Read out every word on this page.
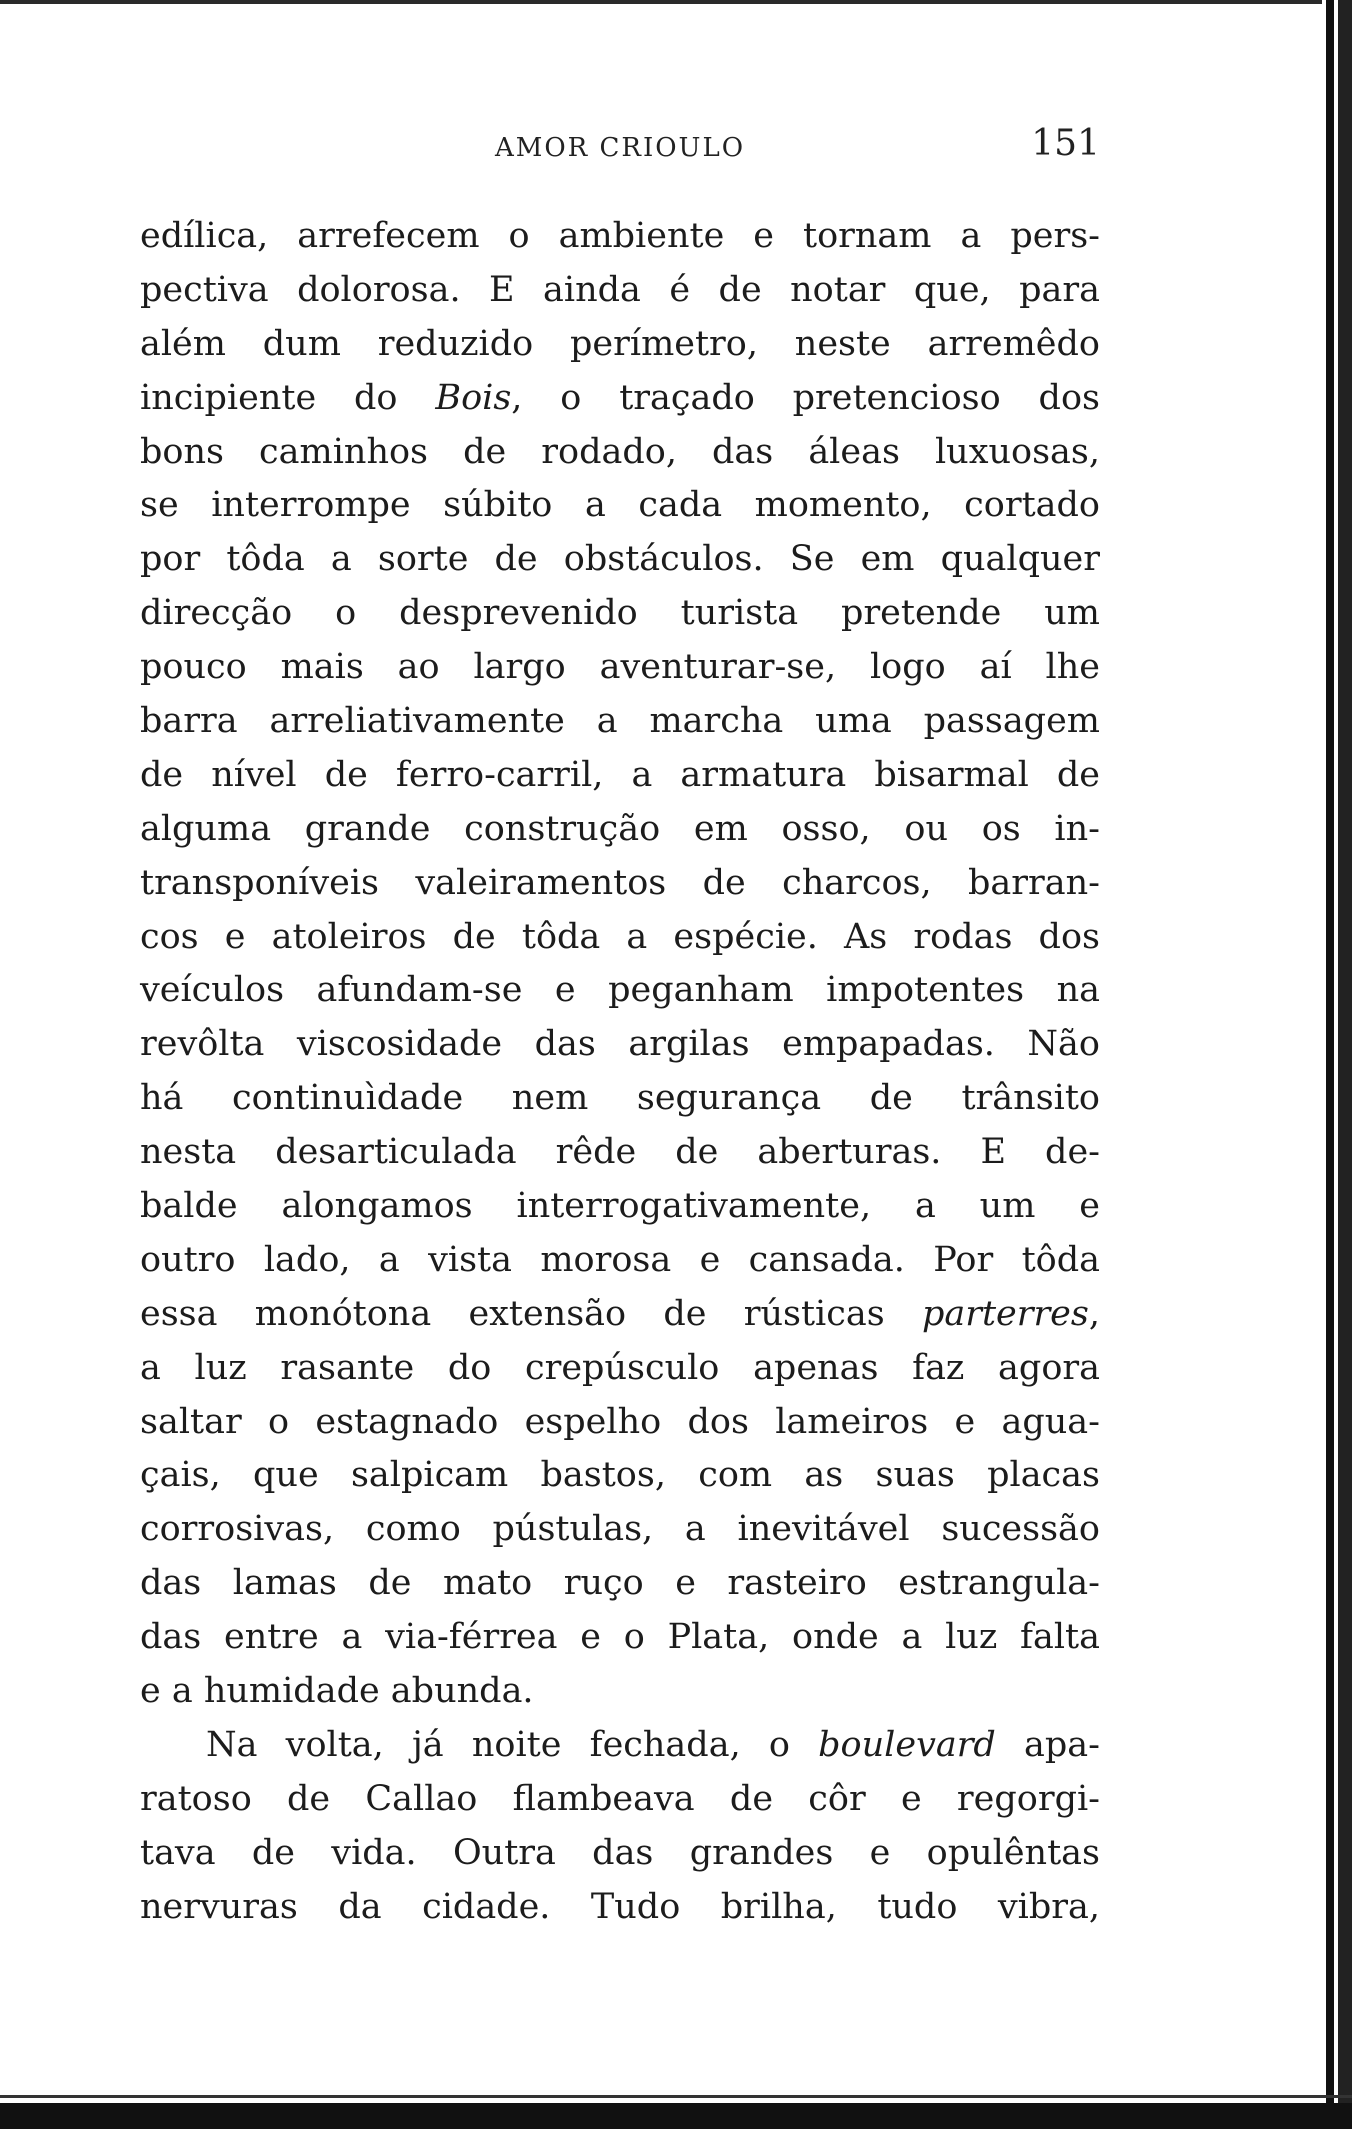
AMOR CRIOULO	151
edílica, arrefecem o ambiente e tornam a pers-
pectiva dolorosa. E ainda é de notar que, para
além dum reduzido perímetro, neste arremêdo
incipiente do Bois, o traçado pretencioso dos
bons caminhos de rodado, das áleas luxuosas,
se interrompe súbito a cada momento, cortado
por tôda a sorte de obstáculos. Se em qualquer
direcção o desprevenido turista pretende um
pouco mais ao largo aventurar-se, logo aí lhe
barra arreliativamente a marcha uma passagem
de nível de ferro-carril, a armatura bisarmal de
alguma grande construção em osso, ou os in-
transponíveis valeiramentos de charcos, barran-
cos e atoleiros de tôda a espécie. As rodas dos
veículos afundam-se e peganham impotentes na
revôlta viscosidade das argilas empapadas. Não
há continuìdade nem segurança de trânsito
nesta desarticulada rêde de aberturas. E de-
balde alongamos interrogativamente, a um e
outro lado, a vista morosa e cansada. Por tôda
essa monótona extensão de rústicas parterres,
a luz rasante do crepúsculo apenas faz agora
saltar o estagnado espelho dos lameiros e agua-
çais, que salpicam bastos, com as suas placas
corrosivas, como pústulas, a inevitável sucessão
das lamas de mato ruço e rasteiro estrangula-
das entre a via-férrea e o Plata, onde a luz falta
e a humidade abunda.
Na volta, já noite fechada, o boulevard apa-
ratoso de Callao flambeava de côr e regorgi-
tava de vida. Outra das grandes e opulêntas
nervuras da cidade. Tudo brilha, tudo vibra,
